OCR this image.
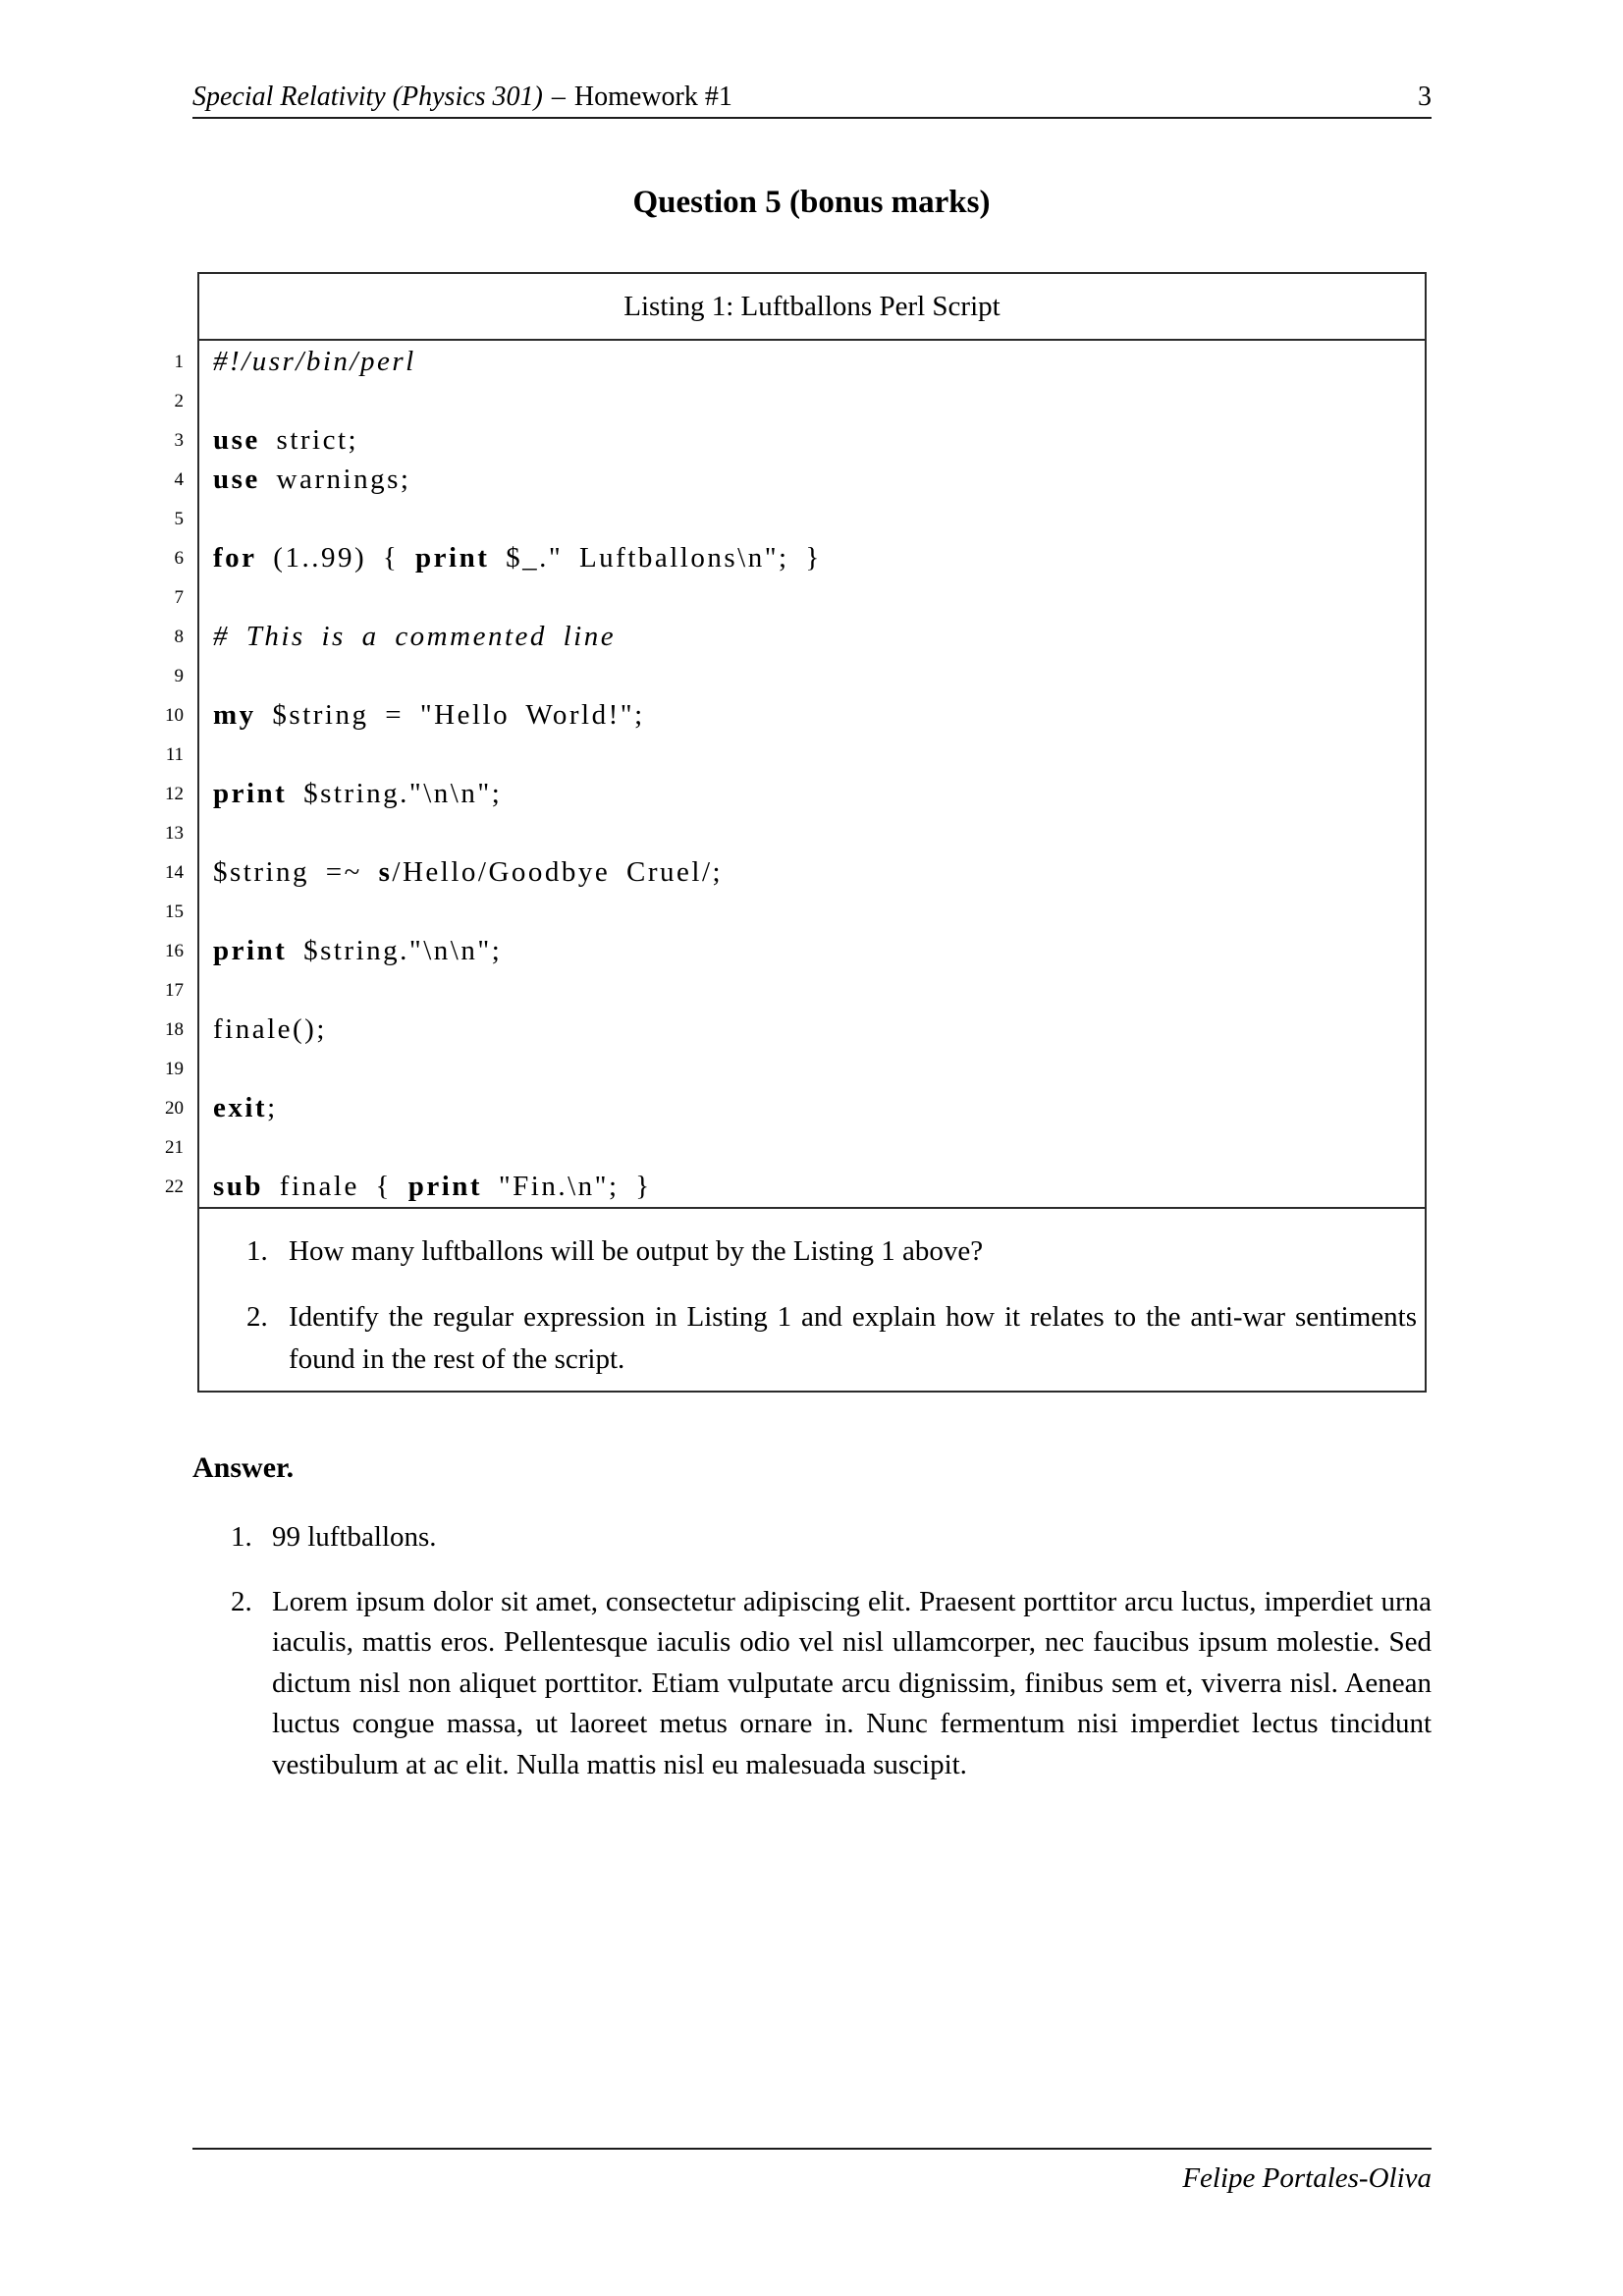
Special Relativity (Physics 301) – Homework #1	3
Question 5 (bonus marks)
Listing 1: Luftballons Perl Script
1 #!/usr/bin/perl
2
3 use strict;
4 use warnings;
5
6 for (1..99) { print $_." Luftballons\n"; }
7
8 # This is a commented line
9
10 my $string = "Hello World!";
11
12 print $string."\n\n";
13
14 $string =~ s/Hello/Goodbye Cruel/;
15
16 print $string."\n\n";
17
18 finale();
19
20 exit;
21
22 sub finale { print "Fin.\n"; }
1. How many luftballons will be output by the Listing 1 above?
2. Identify the regular expression in Listing 1 and explain how it relates to the anti-war sentiments found in the rest of the script.
Answer.
1. 99 luftballons.
2. Lorem ipsum dolor sit amet, consectetur adipiscing elit. Praesent porttitor arcu luctus, imperdiet urna iaculis, mattis eros. Pellentesque iaculis odio vel nisl ullamcorper, nec faucibus ipsum molestie. Sed dictum nisl non aliquet porttitor. Etiam vulputate arcu dignissim, finibus sem et, viverra nisl. Aenean luctus congue massa, ut laoreet metus ornare in. Nunc fermentum nisi imperdiet lectus tincidunt vestibulum at ac elit. Nulla mattis nisl eu malesuada suscipit.
Felipe Portales-Oliva
